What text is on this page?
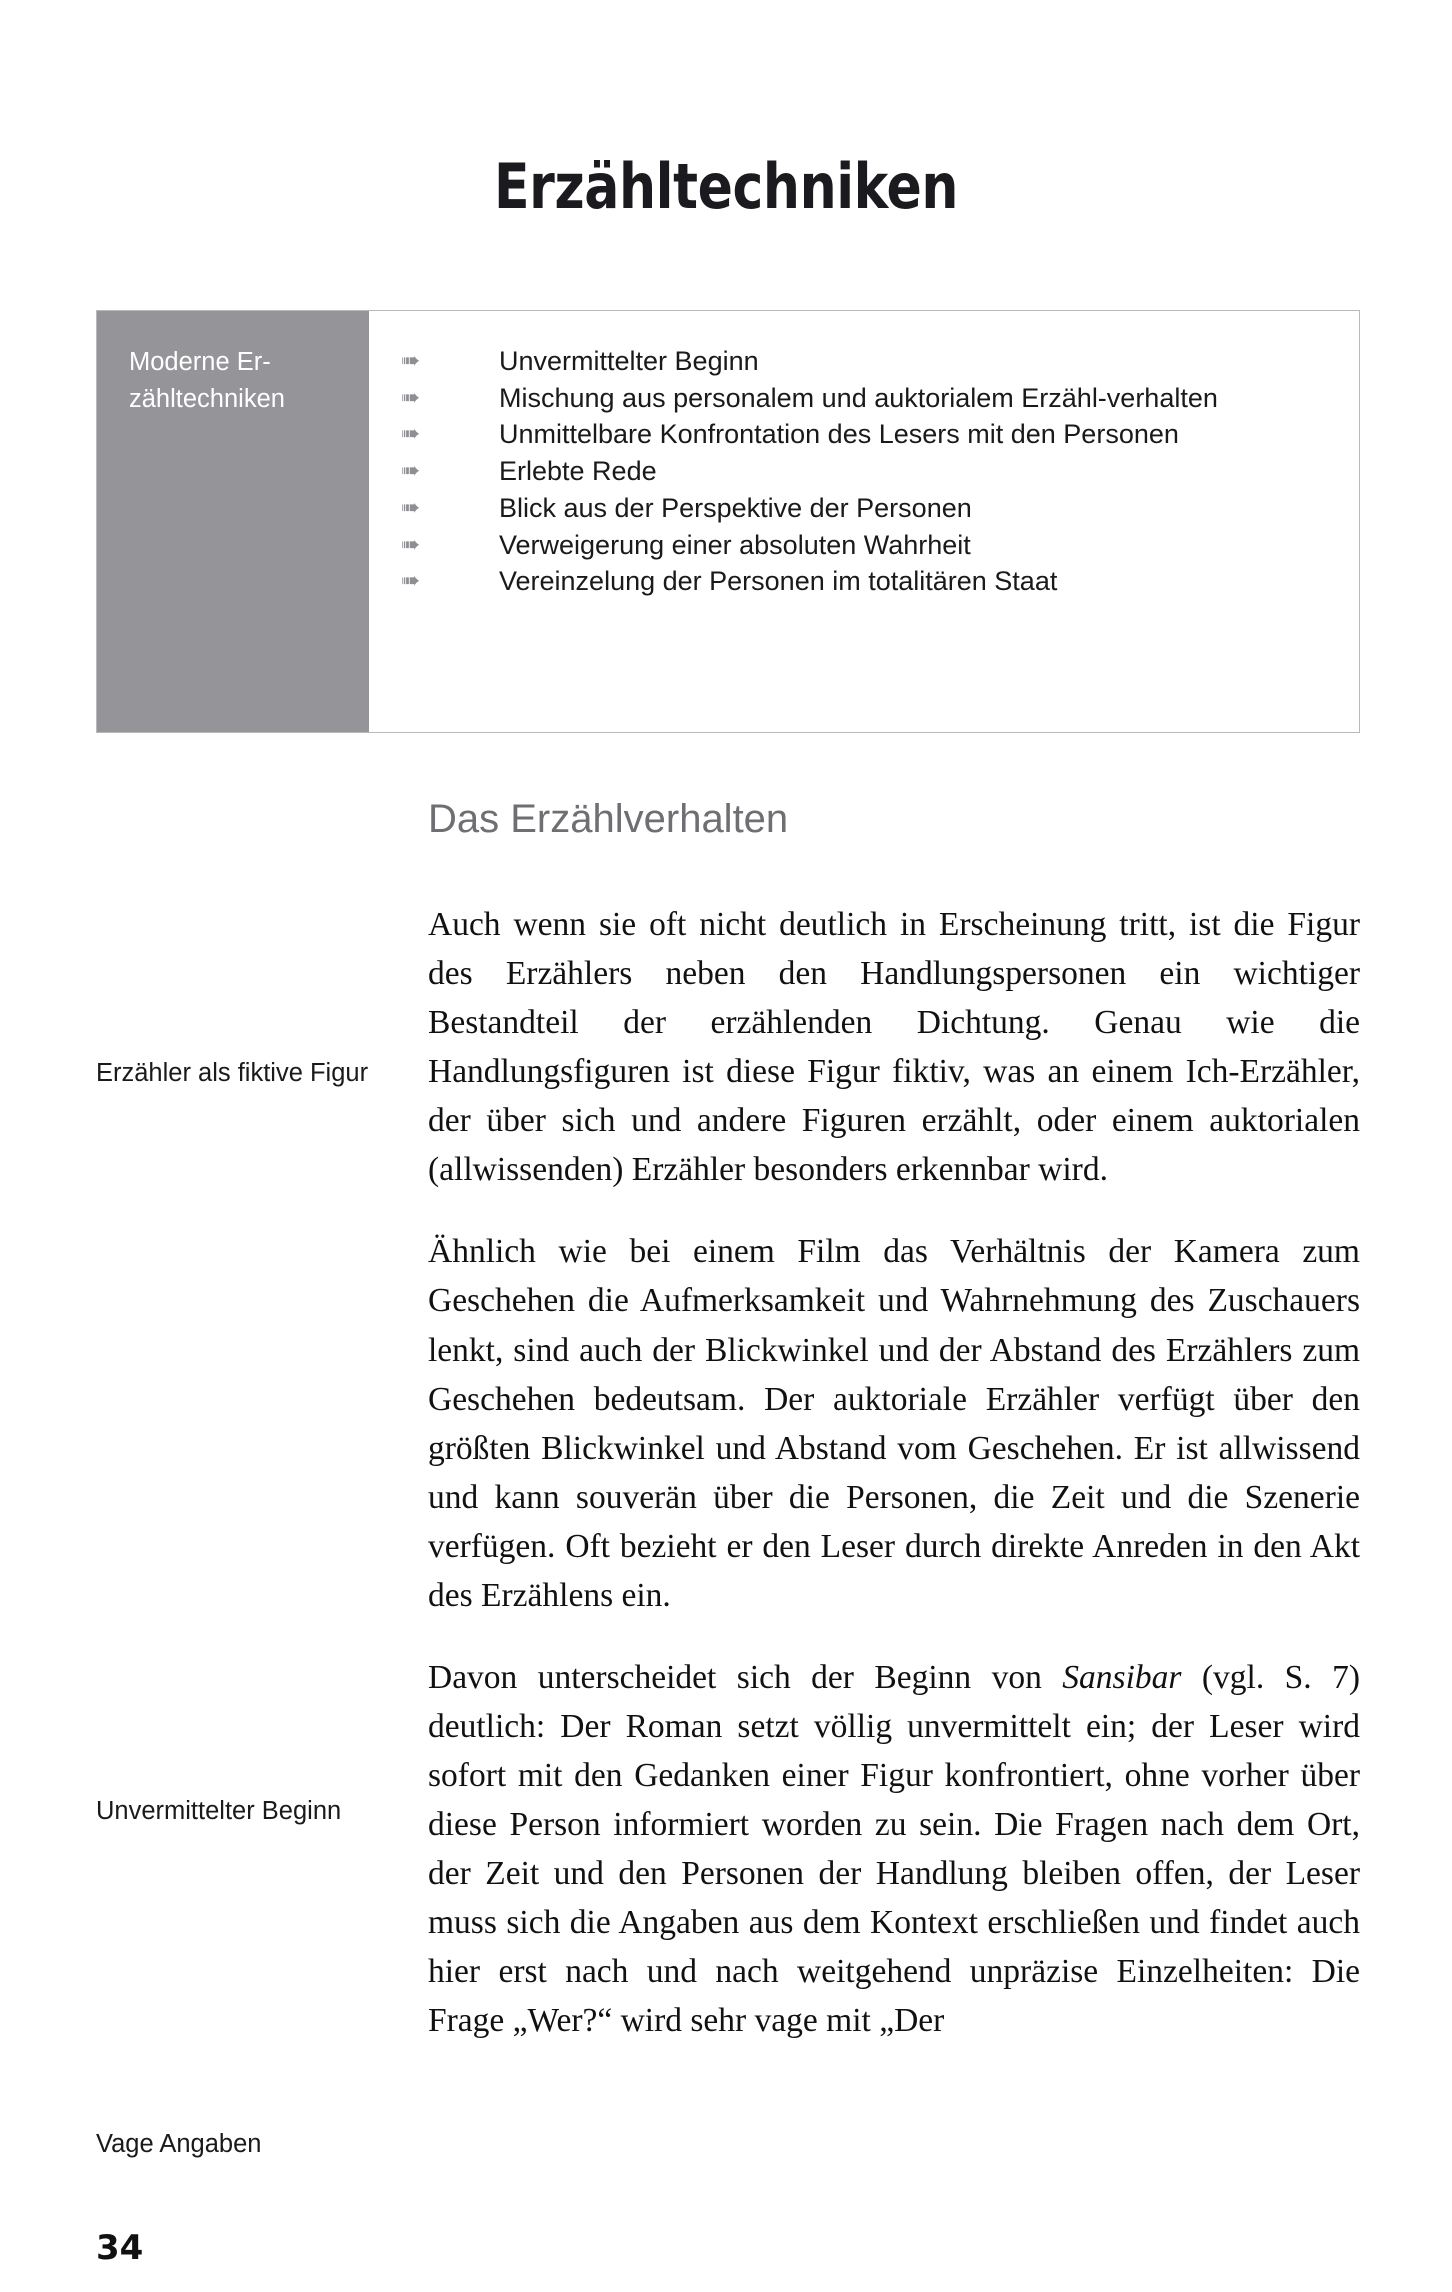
Erzähltechniken
Moderne Er-
zähltechniken
➠	Unvermittelter Beginn
➠	Mischung aus personalem und auktorialem Erzähl-verhalten
➠	Unmittelbare Konfrontation des Lesers mit den Personen
➠	Erlebte Rede
➠	Blick aus der Perspektive der Personen
➠	Verweigerung einer absoluten Wahrheit
➠	Vereinzelung der Personen im totalitären Staat
Das Erzählverhalten

Auch wenn sie oft nicht deutlich in Erscheinung tritt, ist die Figur des Erzählers neben den Handlungspersonen ein wichtiger Bestandteil der erzählenden Dichtung. Genau wie die Handlungsfiguren ist diese Figur fiktiv, was an einem Ich-Erzähler, der über sich und andere Figuren erzählt, oder einem auktorialen (allwissenden) Erzähler besonders erkennbar wird.

Ähnlich wie bei einem Film das Verhältnis der Kamera zum Geschehen die Aufmerksamkeit und Wahrnehmung des Zuschauers lenkt, sind auch der Blickwinkel und der Abstand des Erzählers zum Geschehen bedeutsam. Der auktoriale Erzähler verfügt über den größten Blickwinkel und Abstand vom Geschehen. Er ist allwissend und kann souverän über die Personen, die Zeit und die Szenerie verfügen. Oft bezieht er den Leser durch direkte Anreden in den Akt des Erzählens ein.

Davon unterscheidet sich der Beginn von Sansibar (vgl. S. 7) deutlich: Der Roman setzt völlig unvermittelt ein; der Leser wird sofort mit den Gedanken einer Figur konfrontiert, ohne vorher über diese Person informiert worden zu sein. Die Fragen nach dem Ort, der Zeit und den Personen der Handlung bleiben offen, der Leser muss sich die Angaben aus dem Kontext erschließen und findet auch hier erst nach und nach weitgehend unpräzise Einzelheiten: Die Frage „Wer?“ wird sehr vage mit „Der

Erzähler als fiktive Figur
Unvermittelter Beginn
Vage Angaben
34
